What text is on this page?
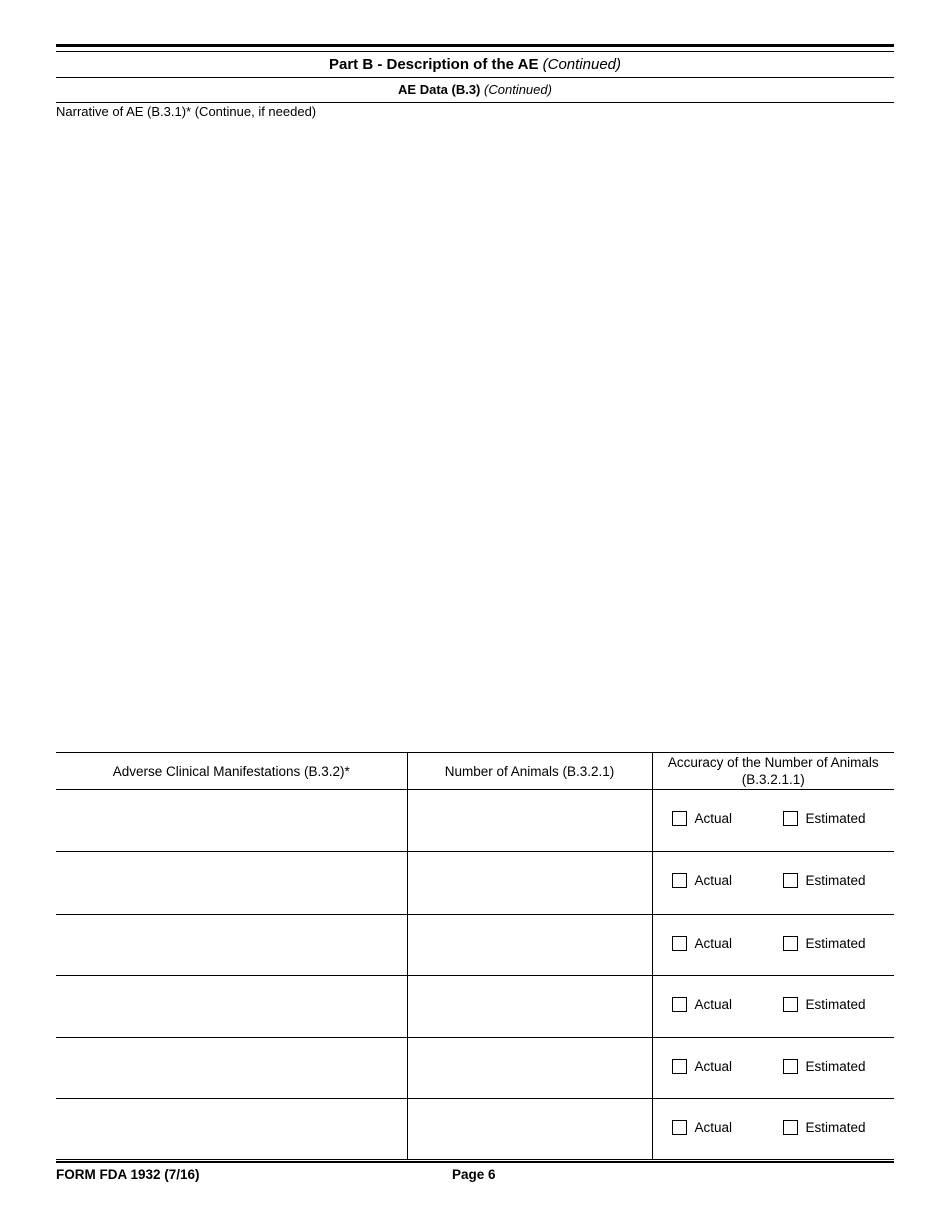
Part B - Description of the AE (Continued)
AE Data (B.3) (Continued)
Narrative of AE (B.3.1)* (Continue, if needed)
Adverse Clinical Manifestations (B.3.2)*	Number of Animals (B.3.2.1)	Accuracy of the Number of Animals (B.3.2.1.1)

		Actual Estimated

		Actual Estimated

		Actual Estimated

		Actual Estimated

		Actual Estimated

		Actual Estimated
FORM FDA 1932 (7/16)	Page 6
